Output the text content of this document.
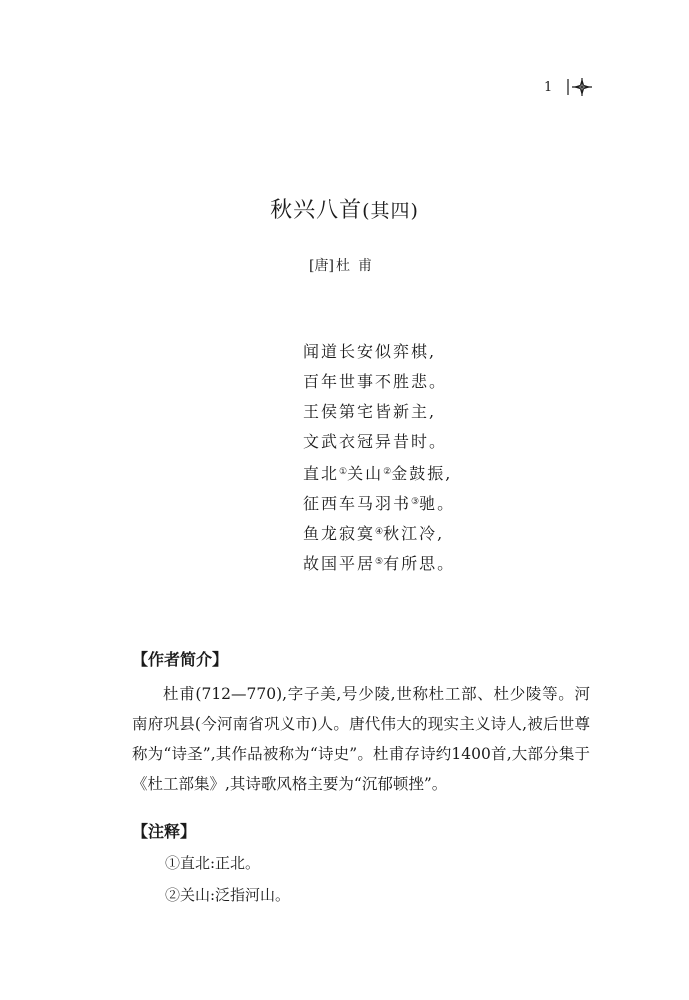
1
秋兴八首(其四)
[唐] 杜甫
闻道长安似弈棋,
百年世事不胜悲。
王侯第宅皆新主,
文武衣冠异昔时。
直北①关山②金鼓振,
征西车马羽书③驰。
鱼龙寂寞④秋江冷,
故国平居⑤有所思。
【作者简介】
杜甫(712—770),字子美,号少陵,世称杜工部、杜少陵等。河南府巩县(今河南省巩义市)人。唐代伟大的现实主义诗人,被后世尊称为“诗圣”,其作品被称为“诗史”。杜甫存诗约1400首,大部分集于《杜工部集》,其诗歌风格主要为“沉郁顿挫”。
【注释】
①直北:正北。
②关山:泛指河山。
